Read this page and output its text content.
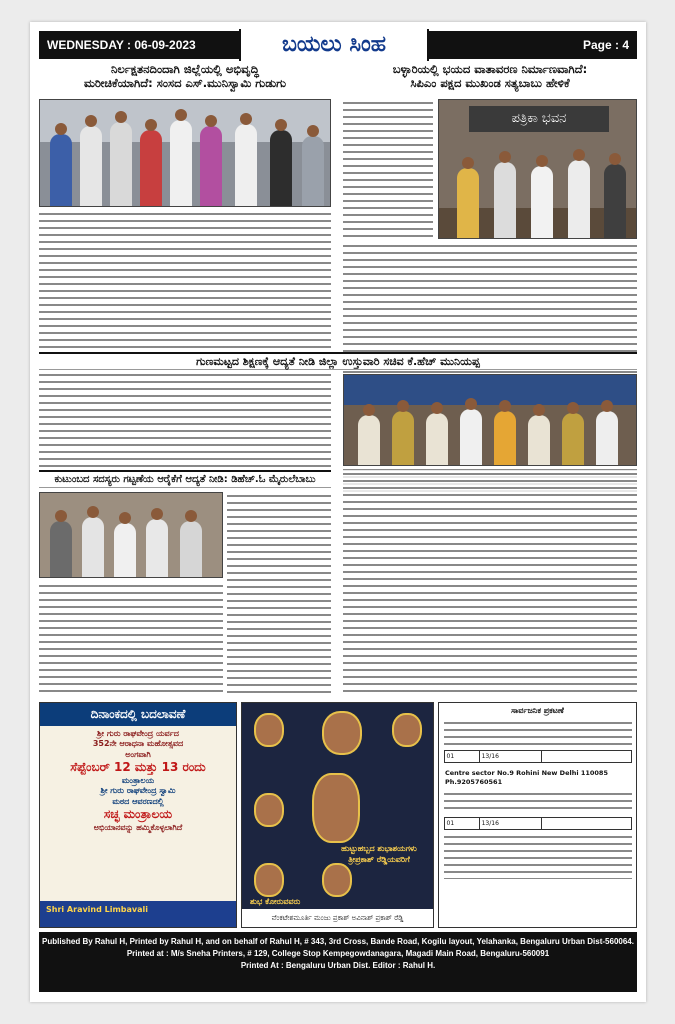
WEDNESDAY : 06-09-2023	ಬಯಲು ಸಿಂಹ	Page : 4
ನಿರ್ಲಕ್ಷತನದಿಂದಾಗಿ ಜಿಲ್ಲೆಯಲ್ಲಿ ಅಭಿವೃದ್ಧಿ
ಮರೀಚಿಕೆಯಾಗಿದೆ: ಸಂಸದ ಎಸ್.ಮುನಿಸ್ವಾಮಿ ಗುಡುಗು
ಬಳ್ಳಾರಿಯಲ್ಲಿ ಭಯದ ವಾತಾವರಣ ನಿರ್ಮಾಣವಾಗಿದೆ:
ಸಿಪಿಎಂ ಪಕ್ಷದ ಮುಖಂಡ ಸತ್ಯಬಾಬು ಹೇಳಿಕೆ
ಪತ್ರಿಕಾ ಭವನ
ಗುಣಮಟ್ಟದ ಶಿಕ್ಷಣಕ್ಕೆ ಆದ್ಯತೆ ನೀಡಿ ಜಿಲ್ಲಾ ಉಸ್ತುವಾರಿ ಸಚಿವ ಕೆ.ಹೆಚ್ ಮುನಿಯಪ್ಪ
ಕುಟುಂಬದ ಸದಸ್ಯರು ಗಟ್ಟಣೆಯ ಆರೈಕೆಗೆ ಆದ್ಯತೆ ನೀಡಿ: ಡಿಹೆಚ್.ಓ ಮೈರುಲೆಬಾಬು
ದಿನಾಂಕದಲ್ಲಿ ಬದಲಾವಣೆ
ಶ್ರೀ ಗುರು ರಾಘವೇಂದ್ರ ಯರ್ವದ
352ನೇ ಆರಾಧನಾ ಮಹೋತ್ಸವದ
ಅಂಗವಾಗಿ
ಸೆಪ್ಟೆಂಬರ್ 12 ಮತ್ತು 13 ರಂದು
ಮಂತ್ರಾಲಯ
ಶ್ರೀ ಗುರು ರಾಘವೇಂದ್ರ ಸ್ವಾಮಿ
ಮಠದ ಆವರಣದಲ್ಲಿ
ಸಚ್ಛ ಮಂತ್ರಾಲಯ
ಅಭಿಯಾನವನ್ನು ಹಮ್ಮಿಕೊಳ್ಳಲಾಗಿದೆ
Shri Aravind Limbavali
ಹುಟ್ಟುಹಬ್ಬದ ಶುಭಾಶಯಗಳು ತ್ರೀಪ್ರಕಾಶ್ ರೆಡ್ಡಿಯವರಿಗೆ
ಶುಭ ಕೋರುವವರು
ವೆಂಕಟೇಶಮೂರ್ತಿ ಮಂಜು ಪ್ರಕಾಶ್ ಅವಿನಾಶ್ ಪ್ರಕಾಶ್ ರೆಡ್ಡಿ
ಸಾರ್ವಜನಿಕ ಪ್ರಕಟಣೆ
01	13/16	
Centre sector No.9 Rohini New Delhi 110085 Ph.9205760561
01	13/16	
Published By Rahul H, Printed by Rahul H, and on behalf of Rahul H, # 343, 3rd Cross, Bande Road, Kogilu layout, Yelahanka, Bengaluru Urban Dist-560064.
Printed at : M/s Sneha Printers, # 129, College Stop Kempegowdanagara, Magadi Main Road, Bengaluru-560091
Printed At : Bengaluru Urban Dist. Editor : Rahul H.
